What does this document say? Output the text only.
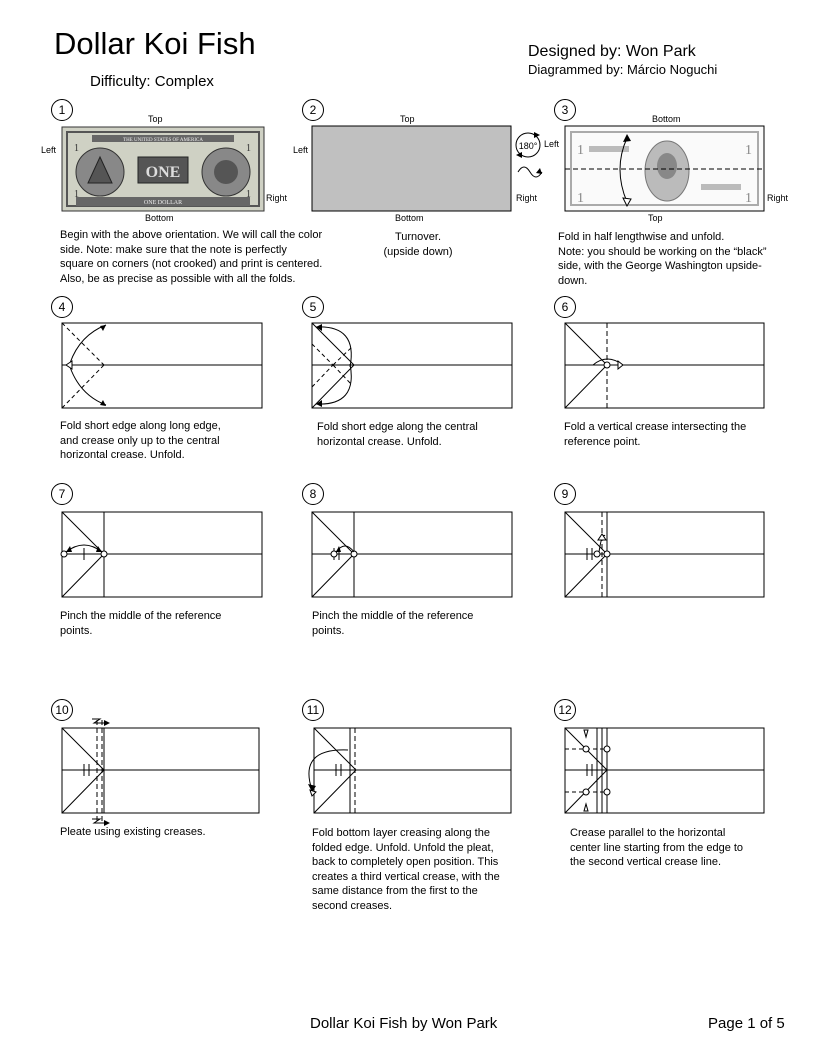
Dollar Koi Fish
Difficulty: Complex
Designed by: Won Park
Diagrammed by: Márcio Noguchi
1
Top
Left
Right
Bottom
THE UNITED STATES OF AMERICA
ONE
ONE DOLLAR
1	1
1	1
Begin with the above orientation. We will call the color
side. Note: make sure that the note is perfectly
square on corners (not crooked) and print is centered.
Also, be as precise as possible with all the folds.
2
Top
Left
Right
Bottom
180° Left
Turnover.
(upside down)
3
Bottom
Right
Top
1	1
1	1
Fold in half lengthwise and unfold.
Note: you should be working on the “black”
side, with the George Washington upside-
down.
4
Fold short edge along long edge,
and crease only up to the central
horizontal crease. Unfold.
5
Fold short edge along the central
horizontal crease. Unfold.
6
Fold a vertical crease intersecting the
reference point.
7
Pinch the middle of the reference
points.
8
Pinch the middle of the reference
points.
9
10
Pleate using existing creases.
11
Fold bottom layer creasing along the
folded edge. Unfold. Unfold the pleat,
back to completely open position. This
creates a third vertical crease, with the
same distance from the first to the
second creases.
12
Crease parallel to the horizontal
center line starting from the edge to
the second vertical crease line.
Dollar Koi Fish by Won Park	Page 1 of 5
